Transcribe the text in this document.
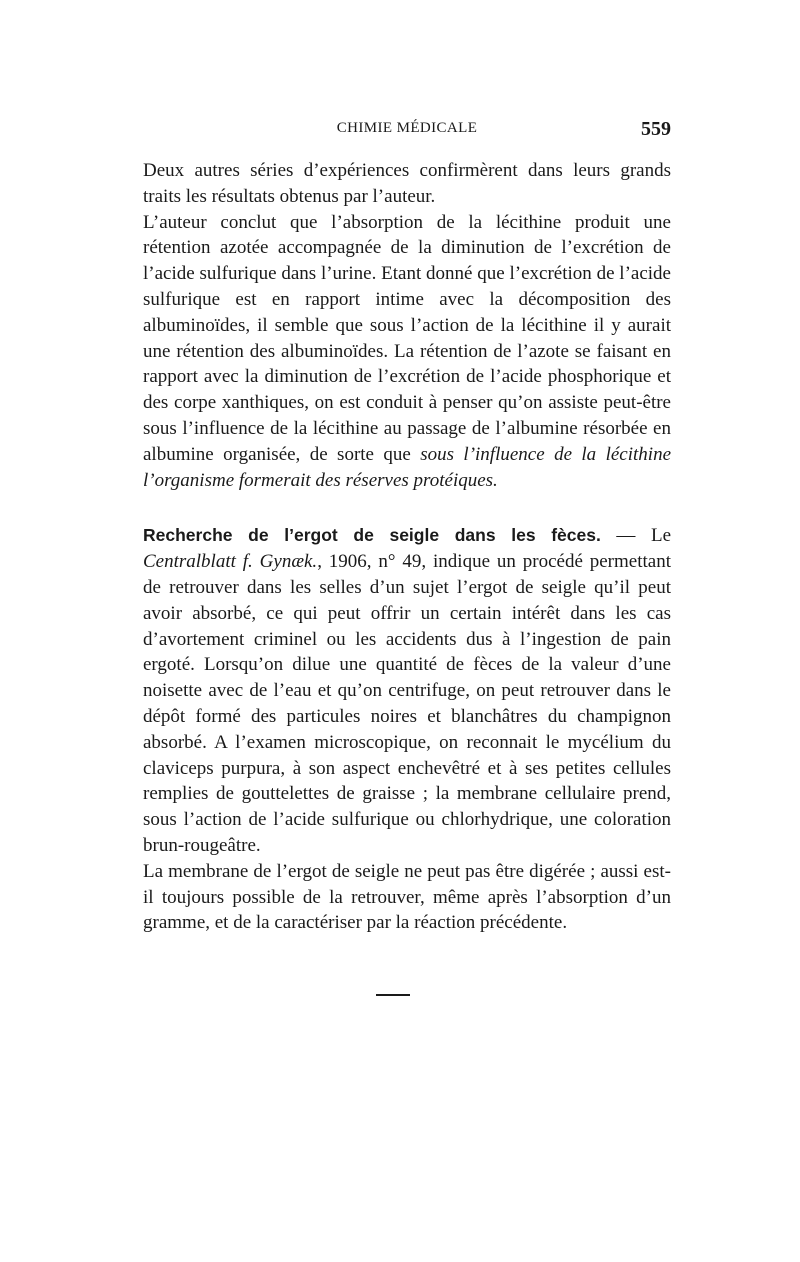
CHIMIE MÉDICALE	559

Deux autres séries d’expériences confirmèrent dans leurs grands traits les résultats obtenus par l’auteur.

L’auteur conclut que l’absorption de la lécithine produit une rétention azotée accompagnée de la diminution de l’excrétion de l’acide sulfurique dans l’urine. Etant donné que l’excrétion de l’acide sulfurique est en rapport intime avec la décomposition des albuminoïdes, il semble que sous l’action de la lécithine il y aurait une rétention des albuminoïdes. La rétention de l’azote se faisant en rapport avec la diminution de l’excrétion de l’acide phosphorique et des corpe xanthiques, on est conduit à penser qu’on assiste peut-être sous l’influence de la lécithine au passage de l’albumine résorbée en albumine organisée, de sorte que sous l’influence de la lécithine l’organisme formerait des réserves protéiques.

Recherche de l’ergot de seigle dans les fèces. — Le Centralblatt f. Gynæk., 1906, n° 49, indique un procédé permettant de retrouver dans les selles d’un sujet l’ergot de seigle qu’il peut avoir absorbé, ce qui peut offrir un certain intérêt dans les cas d’avortement criminel ou les accidents dus à l’ingestion de pain ergoté. Lorsqu’on dilue une quantité de fèces de la valeur d’une noisette avec de l’eau et qu’on centrifuge, on peut retrouver dans le dépôt formé des particules noires et blanchâtres du champignon absorbé. A l’examen microscopique, on reconnait le mycélium du claviceps purpura, à son aspect enchevêtré et à ses petites cellules remplies de gouttelettes de graisse ; la membrane cellulaire prend, sous l’action de l’acide sulfurique ou chlorhydrique, une coloration brun-rougeâtre.

La membrane de l’ergot de seigle ne peut pas être digérée ; aussi est-il toujours possible de la retrouver, même après l’absorption d’un gramme, et de la caractériser par la réaction précédente.
